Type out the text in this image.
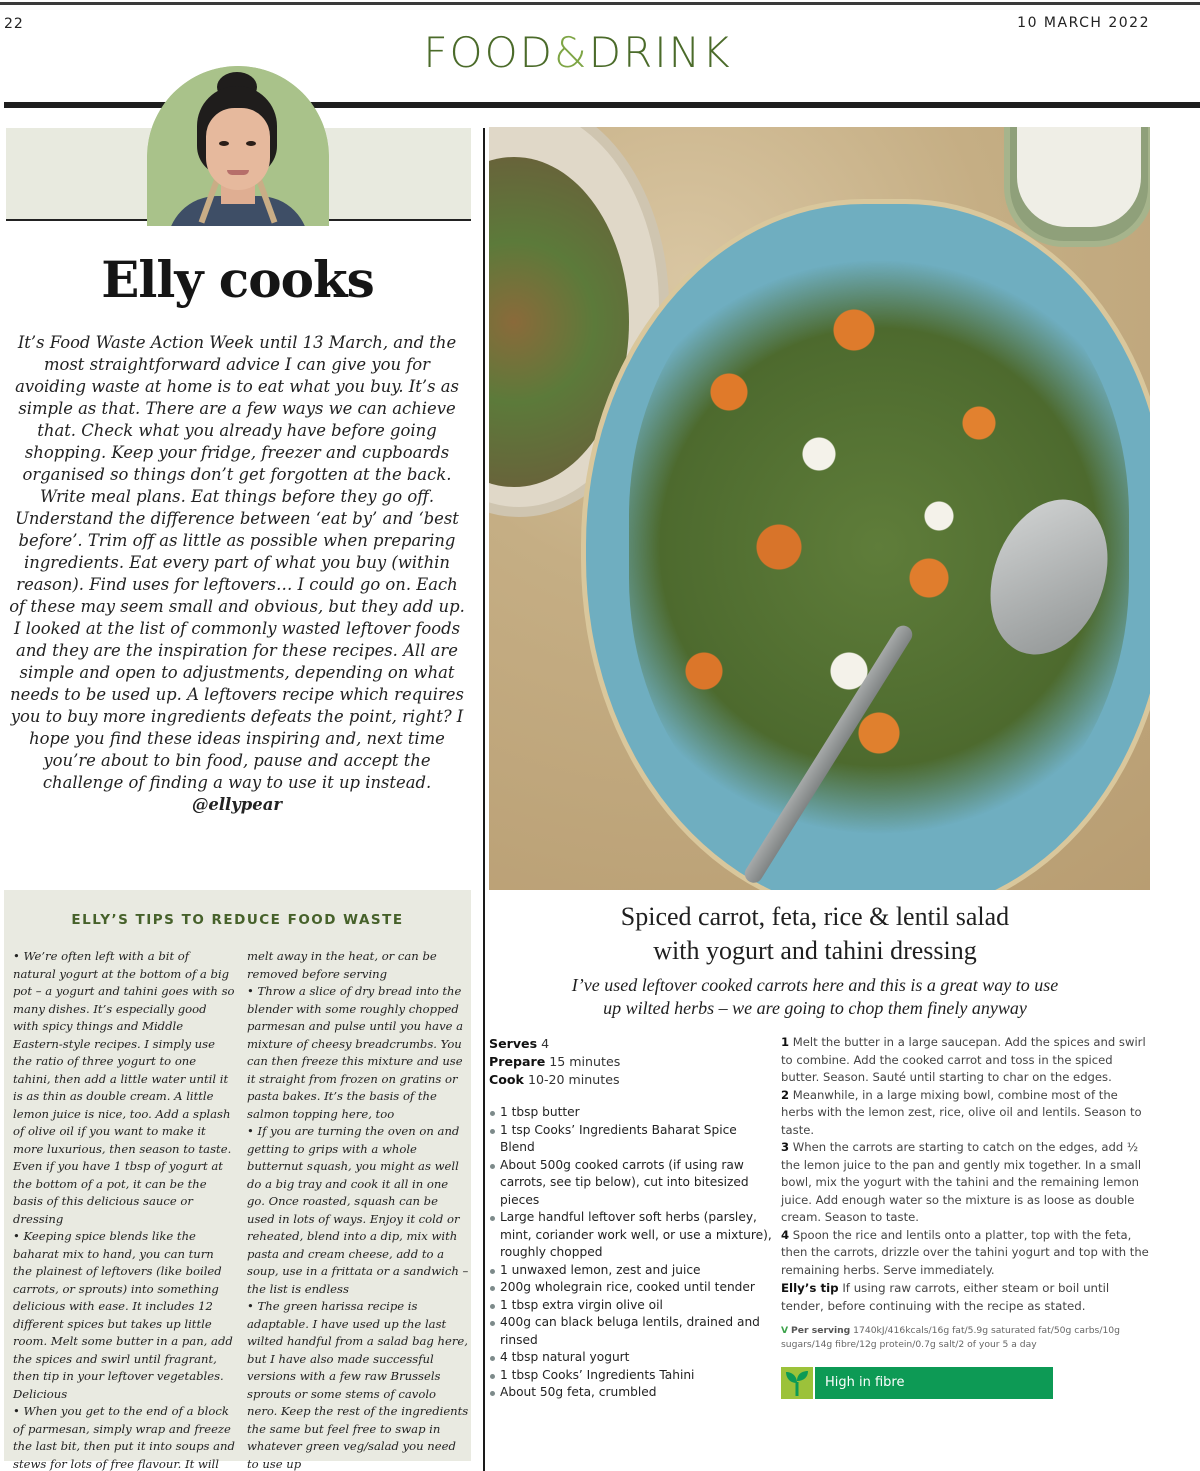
22	10 MARCH 2022
FOOD&DRINK
Elly cooks
It’s Food Waste Action Week until 13 March, and the most straightforward advice I can give you for avoiding waste at home is to eat what you buy. It’s as simple as that. There are a few ways we can achieve that. Check what you already have before going shopping. Keep your fridge, freezer and cupboards organised so things don’t get forgotten at the back. Write meal plans. Eat things before they go off. Understand the difference between ‘eat by’ and ‘best before’. Trim off as little as possible when preparing ingredients. Eat every part of what you buy (within reason). Find uses for leftovers… I could go on. Each of these may seem small and obvious, but they add up. I looked at the list of commonly wasted leftover foods and they are the inspiration for these recipes. All are simple and open to adjustments, depending on what needs to be used up. A leftovers recipe which requires you to buy more ingredients defeats the point, right? I hope you find these ideas inspiring and, next time you’re about to bin food, pause and accept the challenge of finding a way to use it up instead.
@ellypear
ELLY’S TIPS TO REDUCE FOOD WASTE

• We’re often left with a bit of natural yogurt at the bottom of a big pot – a yogurt and tahini goes with so many dishes. It’s especially good with spicy things and Middle Eastern-style recipes. I simply use the ratio of three yogurt to one tahini, then add a little water until it is as thin as double cream. A little lemon juice is nice, too. Add a splash of olive oil if you want to make it more luxurious, then season to taste. Even if you have 1 tbsp of yogurt at the bottom of a pot, it can be the basis of this delicious sauce or dressing

• Keeping spice blends like the baharat mix to hand, you can turn the plainest of leftovers (like boiled carrots, or sprouts) into something delicious with ease. It includes 12 different spices but takes up little room. Melt some butter in a pan, add the spices and swirl until fragrant, then tip in your leftover vegetables. Delicious

• When you get to the end of a block of parmesan, simply wrap and freeze the last bit, then put it into soups and stews for lots of free flavour. It will

melt away in the heat, or can be removed before serving

• Throw a slice of dry bread into the blender with some roughly chopped parmesan and pulse until you have a mixture of cheesy breadcrumbs. You can then freeze this mixture and use it straight from frozen on gratins or pasta bakes. It’s the basis of the salmon topping here, too

• If you are turning the oven on and getting to grips with a whole butternut squash, you might as well do a big tray and cook it all in one go. Once roasted, squash can be used in lots of ways. Enjoy it cold or reheated, blend into a dip, mix with pasta and cream cheese, add to a soup, use in a frittata or a sandwich – the list is endless

• The green harissa recipe is adaptable. I have used up the last wilted handful from a salad bag here, but I have also made successful versions with a few raw Brussels sprouts or some stems of cavolo nero. Keep the rest of the ingredients the same but feel free to swap in whatever green veg/salad you need to use up

Spiced carrot, feta, rice & lentil salad
with yogurt and tahini dressing
I’ve used leftover cooked carrots here and this is a great way to use
up wilted herbs – we are going to chop them finely anyway
Serves 4
Prepare 15 minutes
Cook 10-20 minutes
1 tbsp butter
1 tsp Cooks’ Ingredients Baharat Spice Blend
About 500g cooked carrots (if using raw carrots, see tip below), cut into bitesized pieces
Large handful leftover soft herbs (parsley, mint, coriander work well, or use a mixture), roughly chopped
1 unwaxed lemon, zest and juice
200g wholegrain rice, cooked until tender
1 tbsp extra virgin olive oil
400g can black beluga lentils, drained and rinsed
4 tbsp natural yogurt
1 tbsp Cooks’ Ingredients Tahini
About 50g feta, crumbled

1 Melt the butter in a large saucepan. Add the spices and swirl to combine. Add the cooked carrot and toss in the spiced butter. Season. Sauté until starting to char on the edges.

2 Meanwhile, in a large mixing bowl, combine most of the herbs with the lemon zest, rice, olive oil and lentils. Season to taste.

3 When the carrots are starting to catch on the edges, add ½ the lemon juice to the pan and gently mix together. In a small bowl, mix the yogurt with the tahini and the remaining lemon juice. Add enough water so the mixture is as loose as double cream. Season to taste.

4 Spoon the rice and lentils onto a platter, top with the feta, then the carrots, drizzle over the tahini yogurt and top with the remaining herbs. Serve immediately.

Elly’s tip If using raw carrots, either steam or boil until tender, before continuing with the recipe as stated.
V Per serving 1740kJ/416kcals/16g fat/5.9g saturated fat/50g carbs/10g sugars/14g fibre/12g protein/0.7g salt/2 of your 5 a day
High in fibre
